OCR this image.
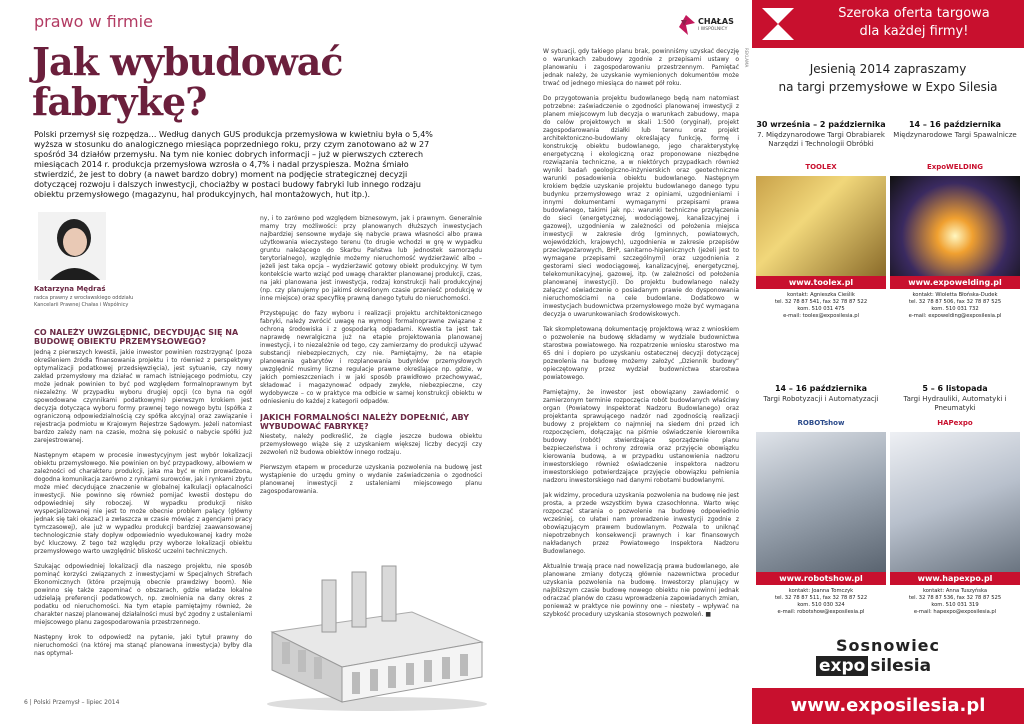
prawo w firmie	CHAŁAS
I WSPÓLNICY
Jak wybudować
fabrykę?
Polski przemysł się rozpędza… Według danych GUS produkcja przemysłowa w kwietniu była o 5,4% wyższa w stosunku do analogicznego miesiąca poprzedniego roku, przy czym zanotowano aż w 27 spośród 34 działów przemysłu. Na tym nie koniec dobrych informacji – już w pierwszych czterech miesiącach 2014 r. produkcja przemysłowa wzrosła o 4,7% i nadal przyspiesza. Można śmiało stwierdzić, że jest to dobry (a nawet bardzo dobry) moment na podjęcie strategicznej decyzji dotyczącej rozwoju i dalszych inwestycji, chociażby w postaci budowy fabryki lub innego rodzaju obiektu przemysłowego (magazynu, hal produkcyjnych, hal montażowych, hut itp.).
Katarzyna Mędraś
radca prawny z wrocławskiego oddziału
Kancelarii Prawnej Chałas i Wspólnicy
CO NALEŻY UWZGLĘDNIĆ, DECYDUJĄC SIĘ NA BUDOWĘ OBIEKTU PRZEMYSŁOWEGO?

Jedną z pierwszych kwestii, jakie inwestor powinien rozstrzygnąć (poza określeniem źródła finansowania projektu i to również z perspektywy optymalizacji podatkowej przedsięwzięcia), jest sytuanie, czy nowy zakład przemysłowy ma działać w ramach istniejącego podmiotu, czy może jednak powinien to być pod względem formalnoprawnym byt niezależny. W przypadku wyboru drugiej opcji (co byna na ogół spowodowane czynnikami podatkowymi) pierwszym krokiem jest decyzja dotycząca wyboru formy prawnej tego nowego bytu (spółka z ograniczoną odpowiedzialnością czy spółka akcyjna) oraz zawiązanie i rejestracja podmiotu w Krajowym Rejestrze Sądowym. Jeżeli natomiast bardzo zależy nam na czasie, można się pokusić o nabycie spółki już zarejestrowanej.

Następnym etapem w procesie inwestycyjnym jest wybór lokalizacji obiektu przemysłowego. Nie powinien on być przypadkowy, albowiem w zależności od charakteru produkcji, jaka ma być w nim prowadzona, dogodna komunikacja zarówno z rynkami surowców, jak i rynkami zbytu może mieć decydujące znaczenie w globalnej kalkulacji opłacalności inwestycji. Nie powinno się również pomijać kwestii dostępu do odpowiedniej siły roboczej. W wypadku produkcji nisko wyspecjalizowanej nie jest to może obecnie problem palący (główny jednak się taki okazać) a zwłaszcza w czasie mówiąc z agencjami pracy tymczasowej), ale już w wypadku produkcji bardziej zaawansowanej technologicznie stały dopływ odpowiednio wyedukowanej kadry może być kluczowy. Z tego też względu przy wyborze lokalizacji obiektu przemysłowego warto uwzględnić bliskość uczelni technicznych.

Szukając odpowiedniej lokalizacji dla naszego projektu, nie sposób pominąć korzyści związanych z inwestycjami w Specjalnych Strefach Ekonomicznych (które przejmują obecnie prawdziwy boom). Nie powinno się także zapominać o obszarach, gdzie władze lokalne udzielają preferencji podatkowych, np. zwolnienia na dany okres z podatku od nieruchomości. Na tym etapie pamiętajmy również, że charakter naszej planowanej działalności musi być zgodny z ustaleniami miejscowego planu zagospodarowania przestrzennego.

Następny krok to odpowiedź na pytanie, jaki tytuł prawny do nieruchomości (na której ma stanąć planowana inwestycja) byłby dla nas optymal-

ny, i to zarówno pod względem biznesowym, jak i prawnym. Generalnie mamy trzy możliwości: przy planowanych dłuższych inwestycjach najbardziej sensowne wydaje się nabycie prawa własności albo prawa użytkowania wieczystego terenu (to drugie wchodzi w grę w wypadku gruntu należącego do Skarbu Państwa lub jednostek samorządu terytorialnego), względnie możemy nieruchomość wydzierżawić albo – jeżeli jest taka opcja – wydzierżawić gotowy obiekt produkcyjny. W tym kontekście warto wziąć pod uwagę charakter planowanej produkcji, czas, na jaki planowana jest inwestycja, rodzaj konstrukcji hali produkcyjnej (np. czy planujemy po jakimś określonym czasie przenieść produkcję w inne miejsce) oraz specyfikę prawną danego tytułu do nieruchomości.

Przystępując do fazy wyboru i realizacji projektu architektonicznego fabryki, należy zwrócić uwagę na wymogi formalnoprawne związane z ochroną środowiska i z gospodarką odpadami. Kwestia ta jest tak naprawdę newralgiczna już na etapie projektowania planowanej inwestycji, i to niezależnie od tego, czy zamierzamy do produkcji używać substancji niebezpiecznych, czy nie. Pamiętajmy, że na etapie planowania gabarytów i rozplanowania budynków przemysłowych uwzględnić musimy liczne regulacje prawne określające np. gdzie, w jakich pomieszczeniach i w jaki sposób prawidłowo przechowywać, składować i magazynować odpady zwykłe, niebezpieczne, czy wydobywcze – co w praktyce ma odbicie w samej konstrukcji obiektu w odniesieniu do każdej z kategorii odpadów.

JAKICH FORMALNOŚCI NALEŻY DOPEŁNIĆ, ABY WYBUDOWAĆ FABRYKĘ?

Niestety, należy podkreślić, że ciągle jeszcze budowa obiektu przemysłowego wiąże się z uzyskaniem większej liczby decyzji czy zezwoleń niż budowa obiektów innego rodzaju.

Pierwszym etapem w procedurze uzyskania pozwolenia na budowę jest wystąpienie do urzędu gminy o wydanie zaświadczenia o zgodności planowanej inwestycji z ustaleniami miejscowego planu zagospodarowania.

6 | Polski Przemysł – lipiec 2014

W sytuacji, gdy takiego planu brak, powinniśmy uzyskać decyzję o warunkach zabudowy zgodnie z przepisami ustawy o planowaniu i zagospodarowaniu przestrzennym. Pamiętać jednak należy, że uzyskanie wymienionych dokumentów może trwać od jednego miesiąca do nawet pół roku.

Do przygotowania projektu budowlanego będą nam natomiast potrzebne: zaświadczenie o zgodności planowanej inwestycji z planem miejscowym lub decyzja o warunkach zabudowy, mapa do celów projektowych w skali 1:500 (oryginał), projekt zagospodarowania działki lub terenu oraz projekt architektoniczno-budowlany określający funkcję, formę i konstrukcję obiektu budowlanego, jego charakterystykę energetyczną i ekologiczną oraz proponowane niezbędne rozwiązania techniczne, a w niektórych przypadkach również wyniki badań geologiczno-inżynierskich oraz geotechniczne warunki posadowienia obiektu budowlanego. Następnym krokiem będzie uzyskanie projektu budowlanego danego typu budynku przemysłowego wraz z opiniami, uzgodnieniami i innymi dokumentami wymaganymi przepisami prawa budowlanego, takimi jak np.: warunki techniczne przyłączenia do sieci (energetycznej, wodociągowej, kanalizacyjnej i gazowej), uzgodnienia w zależności od położenia miejsca inwestycji w zakresie dróg (gminnych, powiatowych, wojewódzkich, krajowych), uzgodnienia w zakresie przepisów przeciwpożarowych, BHP, sanitarno-higienicznych (jeżeli jest to wymagane przepisami szczególnymi) oraz uzgodnienia z gestorami sieci wodociągowej, kanalizacyjnej, energetycznej, telekomunikacyjnej, gazowej, itp. (w zależności od położenia planowanej inwestycji). Do projektu budowlanego należy załączyć oświadczenie o posiadanym prawie do dysponowania nieruchomościami na cele budowlane. Dodatkowo w inwestycjach budownictwa przemysłowego może być wymagana decyzja o uwarunkowaniach środowiskowych.

Tak skompletowaną dokumentację projektową wraz z wnioskiem o pozwolenie na budowę składamy w wydziale budownictwa starostwa powiatowego. Na rozpatrzenie wniosku starostwo ma 65 dni i dopiero po uzyskaniu ostatecznej decyzji dotyczącej pozwolenia na budowę możemy założyć „Dziennik budowy” opieczętowany przez wydział budownictwa starostwa powiatowego.

Pamiętajmy, że inwestor jest obowiązany zawiadomić o zamierzonym terminie rozpoczęcia robót budowlanych właściwy organ (Powiatowy Inspektorat Nadzoru Budowlanego) oraz projektanta sprawującego nadzór nad zgodnością realizacji budowy z projektem co najmniej na siedem dni przed ich rozpoczęciem, dołączając na piśmie oświadczenie kierownika budowy (robót) stwierdzające sporządzenie planu bezpieczeństwa i ochrony zdrowia oraz przyjęcie obowiązku kierowania budową, a w przypadku ustanowienia nadzoru inwestorskiego również oświadczenie inspektora nadzoru inwestorskiego potwierdzające przyjęcie obowiązku pełnienia nadzoru inwestorskiego nad danymi robotami budowlanymi.

Jak widzimy, procedura uzyskania pozwolenia na budowę nie jest prosta, a przede wszystkim bywa czasochłonna. Warto więc rozpocząć starania o pozwolenie na budowę odpowiednio wcześniej, co ułatwi nam prowadzenie inwestycji zgodnie z obowiązującym prawem budowlanym. Pozwala to uniknąć niepotrzebnych konsekwencji prawnych i kar finansowych nakładanych przez Powiatowego Inspektora Nadzoru Budowlanego.

Aktualnie trwają prace nad nowelizacją prawa budowlanego, ale planowane zmiany dotyczą głównie nazewnictwa procedur uzyskania pozwolenia na budowę. Inwestorzy planujący w najbliższym czasie budowę nowego obiektu nie powinni jednak odraczać planów do czasu wprowadzenia zapowiadanych zmian, ponieważ w praktyce nie powinny one – niestety – wpływać na szybkość procedury uzyskania stosownych pozwoleń. ■

REKLAMA
Szeroka oferta targowa
dla każdej firmy!
Jesienią 2014 zapraszamy
na targi przemysłowe w Expo Silesia
30 września – 2 października
7. Międzynarodowe Targi Obrabiarek Narzędzi i Technologii Obróbki
TOOLEX
www.toolex.pl
kontakt: Agnieszka Cieślik
tel. 32 78 87 541, fax 32 78 87 522
kom. 510 031 475
e-mail: toolex@exposilesia.pl
14 – 16 października
Międzynarodowe Targi Spawalnicze
ExpoWELDING
www.expowelding.pl
kontakt: Wioletta Błońska-Dudek
tel. 32 78 87 506, fax 32 78 87 525
kom. 510 031 732
e-mail: expowelding@exposilesia.pl
14 – 16 października
Targi Robotyzacji i Automatyzacji
ROBOTshow
www.robotshow.pl
kontakt: Joanna Tomczyk
tel. 32 78 87 511, fax 32 78 87 522
kom. 510 030 324
e-mail: robotshow@exposilesia.pl
5 – 6 listopada
Targi Hydrauliki, Automatyki i Pneumatyki
HAPexpo
www.hapexpo.pl
kontakt: Anna Tuszyńska
tel. 32 78 87 536, fax 32 78 87 525
kom. 510 031 319
e-mail: hapexpo@exposilesia.pl
Sosnowiec
expo silesia
www.exposilesia.pl
